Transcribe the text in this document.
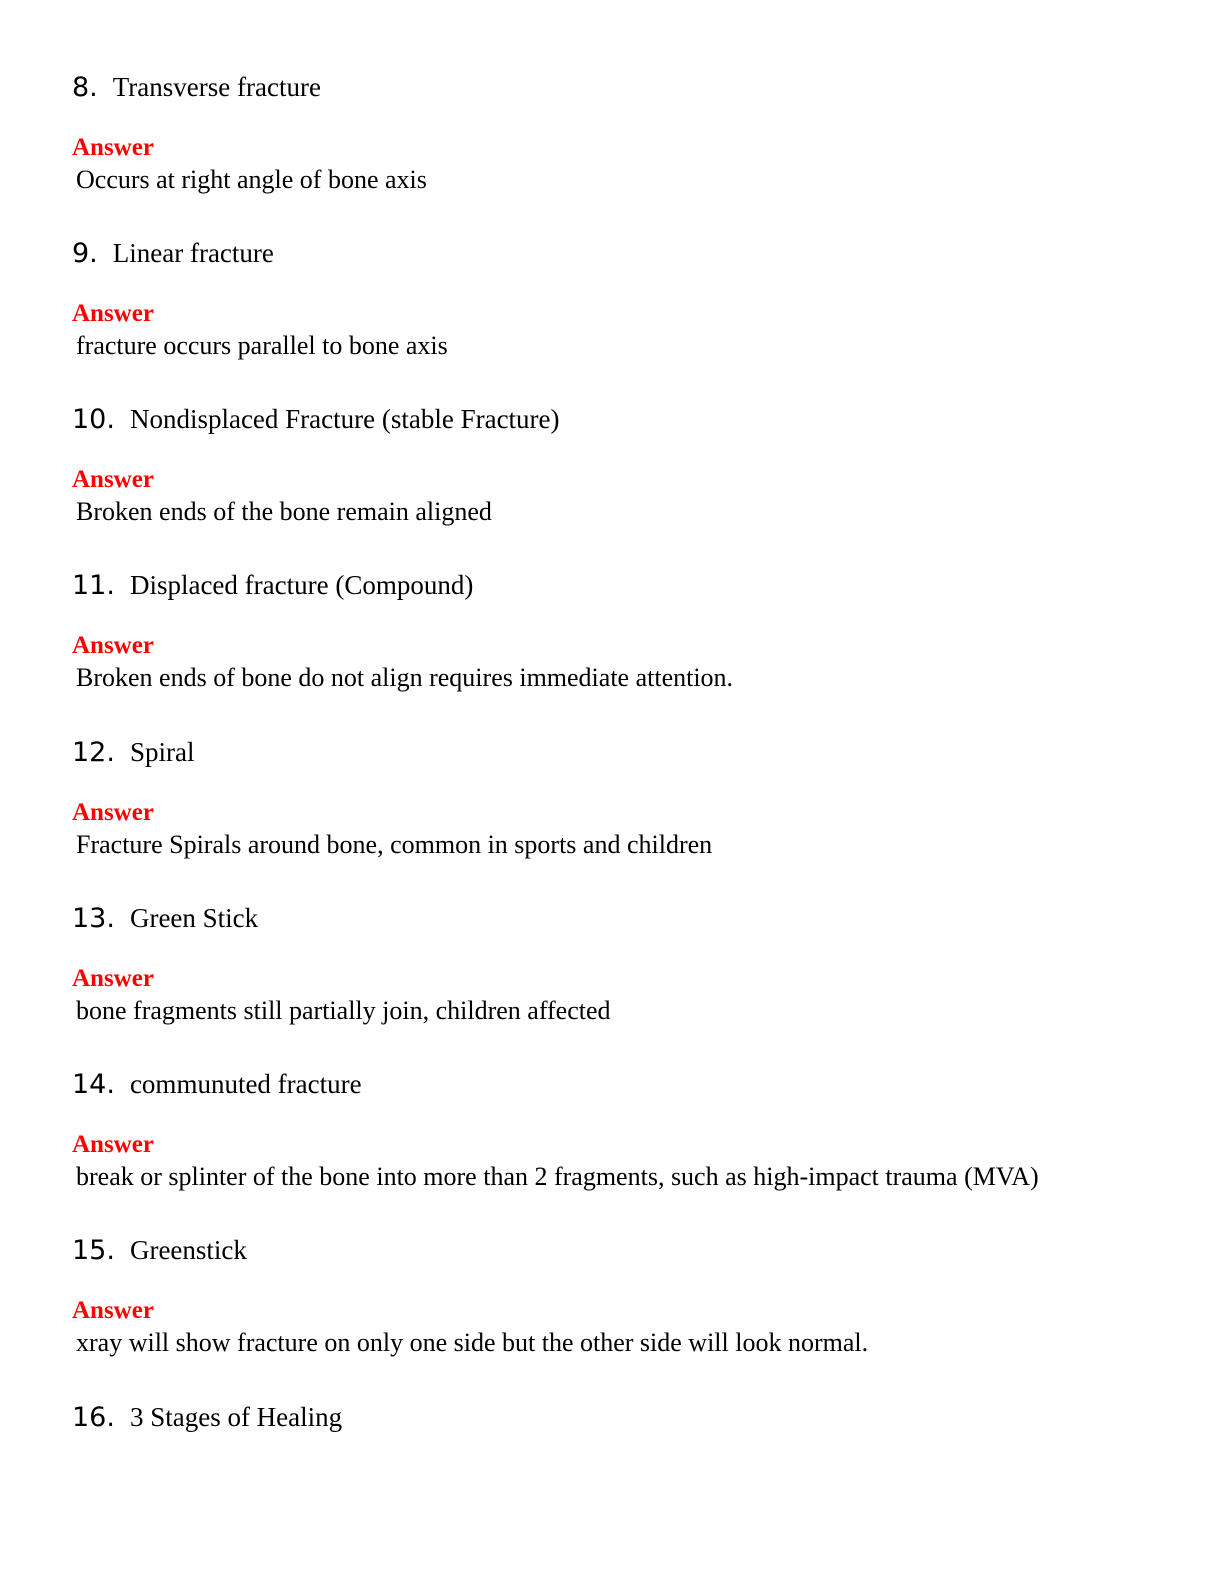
8. Transverse fracture
Answer
Occurs at right angle of bone axis
9. Linear fracture
Answer
fracture occurs parallel to bone axis
10. Nondisplaced Fracture (stable Fracture)
Answer
Broken ends of the bone remain aligned
11. Displaced fracture (Compound)
Answer
Broken ends of bone do not align requires immediate attention.
12. Spiral
Answer
Fracture Spirals around bone, common in sports and children
13. Green Stick
Answer
bone fragments still partially join, children affected
14. communuted fracture
Answer
break or splinter of the bone into more than 2 fragments, such as high-impact trauma (MVA)
15. Greenstick
Answer
xray will show fracture on only one side but the other side will look normal.
16. 3 Stages of Healing
